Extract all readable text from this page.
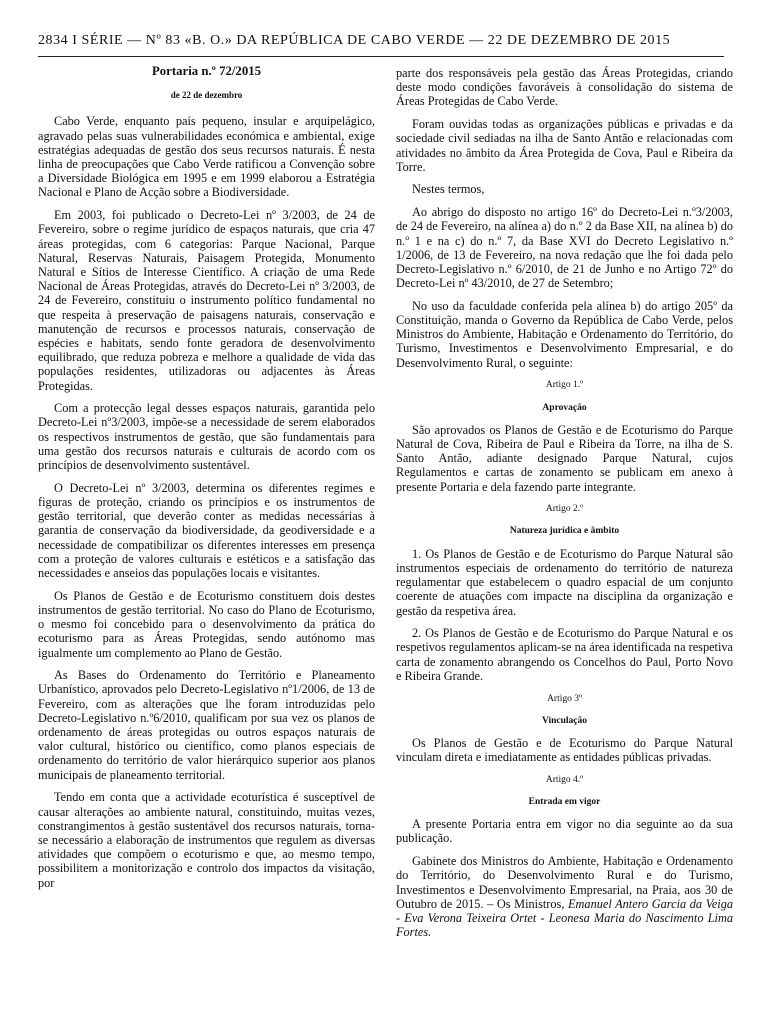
2834 I SÉRIE — Nº 83 «B. O.» DA REPÚBLICA DE CABO VERDE — 22 DE DEZEMBRO DE 2015
Portaria n.º 72/2015
de 22 de dezembro

Cabo Verde, enquanto país pequeno, insular e arquipelágico, agravado pelas suas vulnerabilidades económica e ambiental, exige estratégias adequadas de gestão dos seus recursos naturais. É nesta linha de preocupações que Cabo Verde ratificou a Convenção sobre a Diversidade Biológica em 1995 e em 1999 elaborou a Estratégia Nacional e Plano de Acção sobre a Biodiversidade.

Em 2003, foi publicado o Decreto-Lei nº 3/2003, de 24 de Fevereiro, sobre o regime jurídico de espaços naturais, que cria 47 áreas protegidas, com 6 categorias: Parque Nacional, Parque Natural, Reservas Naturais, Paisagem Protegida, Monumento Natural e Sítios de Interesse Científico. A criação de uma Rede Nacional de Áreas Protegidas, através do Decreto-Lei nº 3/2003, de 24 de Fevereiro, constituiu o instrumento político fundamental no que respeita à preservação de paisagens naturais, conservação e manutenção de recursos e processos naturais, conservação de espécies e habitats, sendo fonte geradora de desenvolvimento equilibrado, que reduza pobreza e melhore a qualidade de vida das populações residentes, utilizadoras ou adjacentes às Áreas Protegidas.

Com a protecção legal desses espaços naturais, garantida pelo Decreto-Lei nº3/2003, impõe-se a necessidade de serem elaborados os respectivos instrumentos de gestão, que são fundamentais para uma gestão dos recursos naturais e culturais de acordo com os princípios de desenvolvimento sustentável.

O Decreto-Lei nº 3/2003, determina os diferentes regimes e figuras de proteção, criando os princípios e os instrumentos de gestão territorial, que deverão conter as medidas necessárias à garantia de conservação da biodiversidade, da geodiversidade e a necessidade de compatibilizar os diferentes interesses em presença com a proteção de valores culturais e estéticos e a satisfação das necessidades e anseios das populações locais e visitantes.

Os Planos de Gestão e de Ecoturismo constituem dois destes instrumentos de gestão territorial. No caso do Plano de Ecoturismo, o mesmo foi concebido para o desenvolvimento da prática do ecoturismo para as Áreas Protegidas, sendo autónomo mas igualmente um complemento ao Plano de Gestão.

As Bases do Ordenamento do Território e Planeamento Urbanístico, aprovados pelo Decreto-Legislativo nº1/2006, de 13 de Fevereiro, com as alterações que lhe foram introduzidas pelo Decreto-Legislativo n.º6/2010, qualificam por sua vez os planos de ordenamento de áreas protegidas ou outros espaços naturais de valor cultural, histórico ou científico, como planos especiais de ordenamento do território de valor hierárquico superior aos planos municipais de planeamento territorial.

Tendo em conta que a actividade ecoturística é susceptível de causar alterações ao ambiente natural, constituindo, muitas vezes, constrangimentos à gestão sustentável dos recursos naturais, torna-se necessário a elaboração de instrumentos que regulem as diversas atividades que compõem o ecoturismo e que, ao mesmo tempo, possibilitem a monitorização e controlo dos impactos da visitação, por

parte dos responsáveis pela gestão das Áreas Protegidas, criando deste modo condições favoráveis à consolidação do sistema de Áreas Protegidas de Cabo Verde.

Foram ouvidas todas as organizações públicas e privadas e da sociedade civil sediadas na ilha de Santo Antão e relacionadas com atividades no âmbito da Área Protegida de Cova, Paul e Ribeira da Torre.

Nestes termos,

Ao abrigo do disposto no artigo 16º do Decreto-Lei n.º3/2003, de 24 de Fevereiro, na alínea a) do n.º 2 da Base XII, na alínea b) do n.º 1 e na c) do n.º 7, da Base XVI do Decreto Legislativo n.º 1/2006, de 13 de Fevereiro, na nova redação que lhe foi dada pelo Decreto-Legislativo n.º 6/2010, de 21 de Junho e no Artigo 72º do Decreto-Lei nº 43/2010, de 27 de Setembro;

No uso da faculdade conferida pela alínea b) do artigo 205º da Constituição, manda o Governo da República de Cabo Verde, pelos Ministros do Ambiente, Habitação e Ordenamento do Território, do Turismo, Investimentos e Desenvolvimento Empresarial, e do Desenvolvimento Rural, o seguinte:

Artigo 1.º
Aprovação

São aprovados os Planos de Gestão e de Ecoturismo do Parque Natural de Cova, Ribeira de Paul e Ribeira da Torre, na ilha de S. Santo Antão, adiante designado Parque Natural, cujos Regulamentos e cartas de zonamento se publicam em anexo à presente Portaria e dela fazendo parte integrante.

Artigo 2.º
Natureza jurídica e âmbito

1. Os Planos de Gestão e de Ecoturismo do Parque Natural são instrumentos especiais de ordenamento do território de natureza regulamentar que estabelecem o quadro espacial de um conjunto coerente de atuações com impacte na disciplina da organização e gestão da respetiva área.

2. Os Planos de Gestão e de Ecoturismo do Parque Natural e os respetivos regulamentos aplicam-se na área identificada na respetiva carta de zonamento abrangendo os Concelhos do Paul, Porto Novo e Ribeira Grande.

Artigo 3º
Vinculação

Os Planos de Gestão e de Ecoturismo do Parque Natural vinculam direta e imediatamente as entidades públicas privadas.

Artigo 4.º
Entrada em vigor

A presente Portaria entra em vigor no dia seguinte ao da sua publicação.

Gabinete dos Ministros do Ambiente, Habitação e Ordenamento do Território, do Desenvolvimento Rural e do Turismo, Investimentos e Desenvolvimento Empresarial, na Praia, aos 30 de Outubro de 2015. – Os Ministros, Emanuel Antero Garcia da Veiga - Eva Verona Teixeira Ortet - Leonesa Maria do Nascimento Lima Fortes.
